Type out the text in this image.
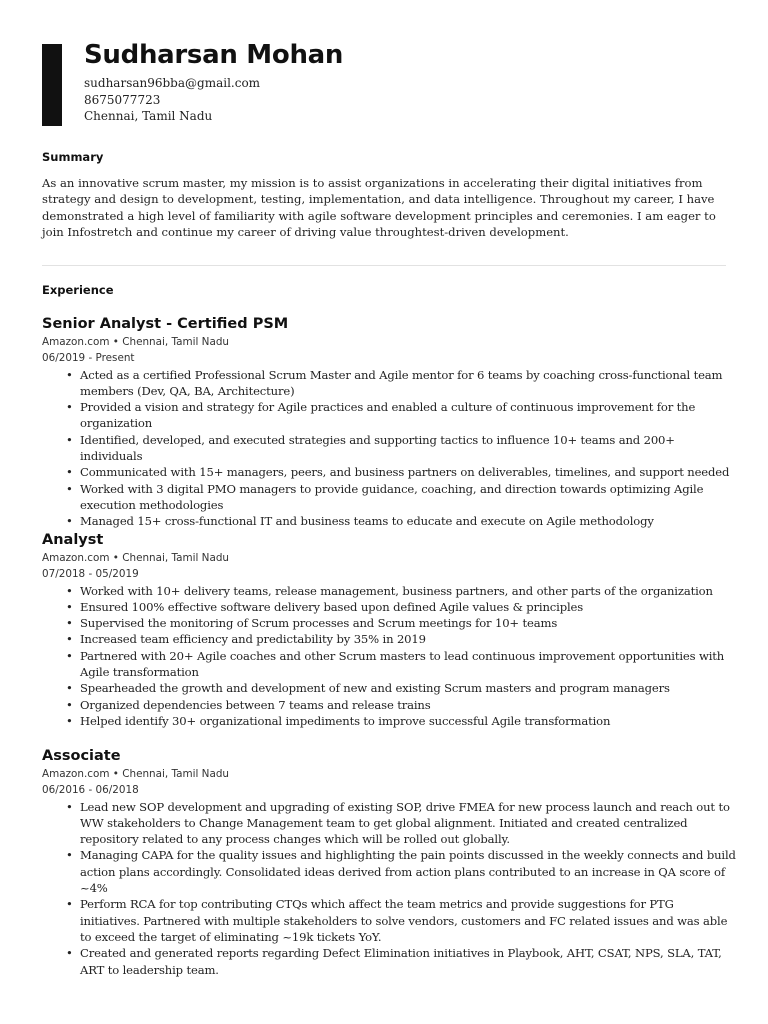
Sudharsan Mohan
sudharsan96bba@gmail.com
8675077723
Chennai, Tamil Nadu
Summary
As an innovative scrum master, my mission is to assist organizations in accelerating their digital initiatives from strategy and design to development, testing, implementation, and data intelligence. Throughout my career, I have demonstrated a high level of familiarity with agile software development principles and ceremonies. I am eager to join Infostretch and continue my career of driving value throughtest-driven development.
Experience
Senior Analyst - Certified PSM
Amazon.com • Chennai, Tamil Nadu
06/2019 - Present
• Acted as a certified Professional Scrum Master and Agile mentor for 6 teams by coaching cross-functional team members (Dev, QA, BA, Architecture)
• Provided a vision and strategy for Agile practices and enabled a culture of continuous improvement for the organization
• Identified, developed, and executed strategies and supporting tactics to influence 10+ teams and 200+ individuals
• Communicated with 15+ managers, peers, and business partners on deliverables, timelines, and support needed
• Worked with 3 digital PMO managers to provide guidance, coaching, and direction towards optimizing Agile execution methodologies
• Managed 15+ cross-functional IT and business teams to educate and execute on Agile methodology
Analyst
Amazon.com • Chennai, Tamil Nadu
07/2018 - 05/2019
• Worked with 10+ delivery teams, release management, business partners, and other parts of the organization
• Ensured 100% effective software delivery based upon defined Agile values & principles
• Supervised the monitoring of Scrum processes and Scrum meetings for 10+ teams
• Increased team efficiency and predictability by 35% in 2019
• Partnered with 20+ Agile coaches and other Scrum masters to lead continuous improvement opportunities with Agile transformation
• Spearheaded the growth and development of new and existing Scrum masters and program managers
• Organized dependencies between 7 teams and release trains
• Helped identify 30+ organizational impediments to improve successful Agile transformation
Associate
Amazon.com • Chennai, Tamil Nadu
06/2016 - 06/2018
• Lead new SOP development and upgrading of existing SOP, drive FMEA for new process launch and reach out to WW stakeholders to Change Management team to get global alignment. Initiated and created centralized repository related to any process changes which will be rolled out globally.
• Managing CAPA for the quality issues and highlighting the pain points discussed in the weekly connects and build action plans accordingly. Consolidated ideas derived from action plans contributed to an increase in QA score of ~4%
• Perform RCA for top contributing CTQs which affect the team metrics and provide suggestions for PTG initiatives. Partnered with multiple stakeholders to solve vendors, customers and FC related issues and was able to exceed the target of eliminating ~19k tickets YoY.
• Created and generated reports regarding Defect Elimination initiatives in Playbook, AHT, CSAT, NPS, SLA, TAT, ART to leadership team.
